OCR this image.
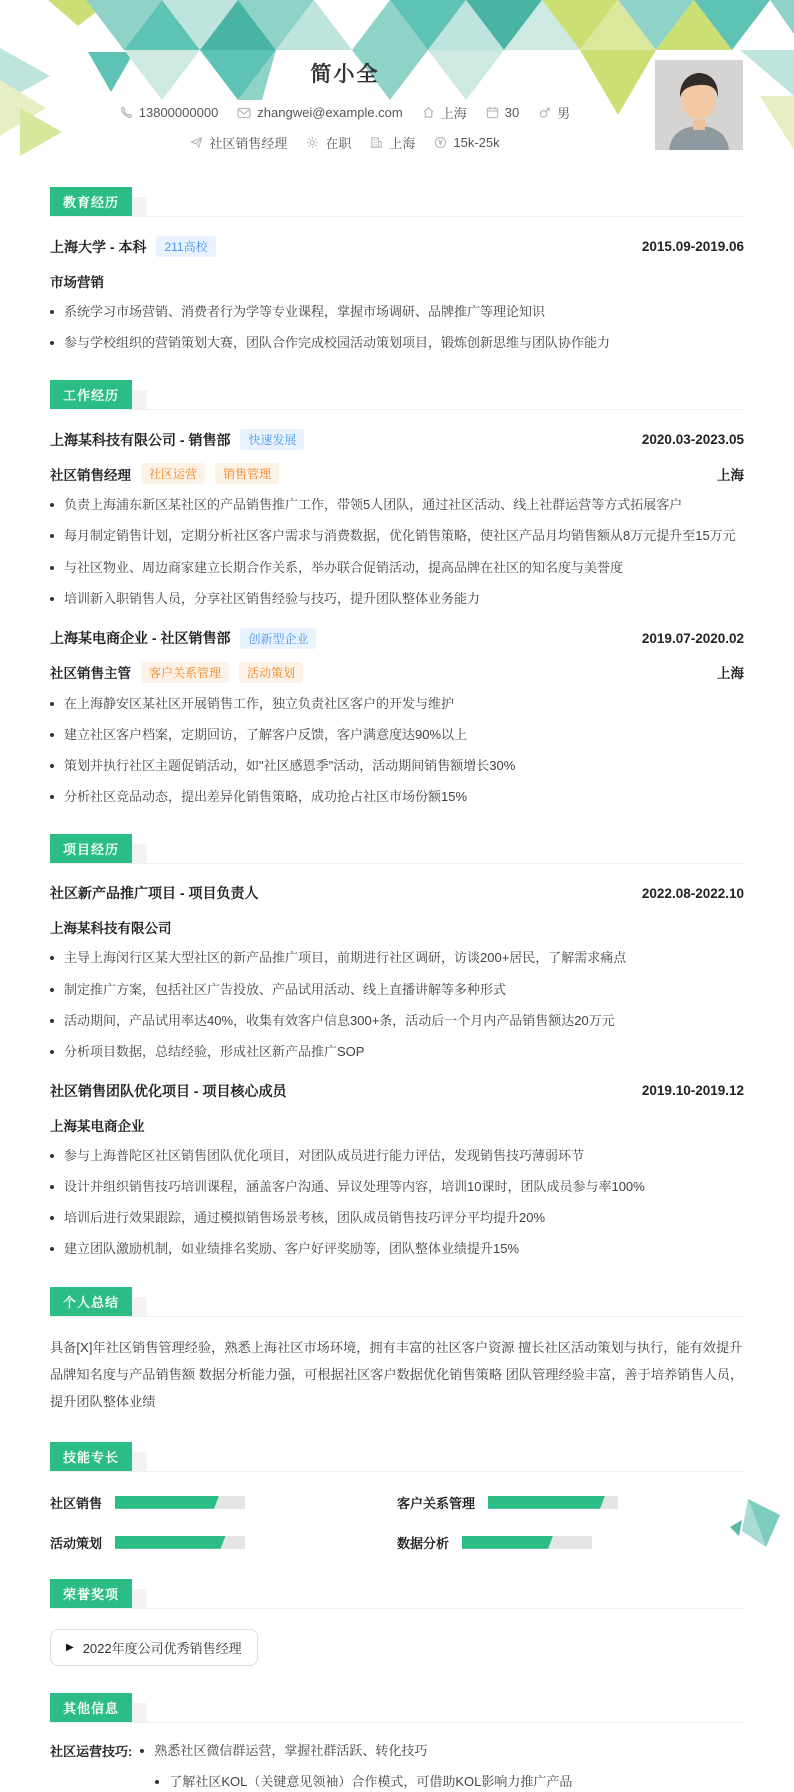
简小全
13800000000	zhangwei@example.com	上海	30	男
社区销售经理	在职	上海	15k-25k
教育经历
上海大学 - 本科	211高校	2015.09-2019.06
市场营销
系统学习市场营销、消费者行为学等专业课程，掌握市场调研、品牌推广等理论知识
参与学校组织的营销策划大赛，团队合作完成校园活动策划项目，锻炼创新思维与团队协作能力
工作经历
上海某科技有限公司 - 销售部	快速发展	2020.03-2023.05
社区销售经理	社区运营	销售管理	上海
负责上海浦东新区某社区的产品销售推广工作，带领5人团队，通过社区活动、线上社群运营等方式拓展客户
每月制定销售计划，定期分析社区客户需求与消费数据，优化销售策略，使社区产品月均销售额从8万元提升至15万元
与社区物业、周边商家建立长期合作关系，举办联合促销活动，提高品牌在社区的知名度与美誉度
培训新入职销售人员，分享社区销售经验与技巧，提升团队整体业务能力
上海某电商企业 - 社区销售部	创新型企业	2019.07-2020.02
社区销售主管	客户关系管理	活动策划	上海
在上海静安区某社区开展销售工作，独立负责社区客户的开发与维护
建立社区客户档案，定期回访，了解客户反馈，客户满意度达90%以上
策划并执行社区主题促销活动，如"社区感恩季"活动，活动期间销售额增长30%
分析社区竞品动态，提出差异化销售策略，成功抢占社区市场份额15%
项目经历
社区新产品推广项目 - 项目负责人	2022.08-2022.10
上海某科技有限公司
主导上海闵行区某大型社区的新产品推广项目，前期进行社区调研，访谈200+居民，了解需求痛点
制定推广方案，包括社区广告投放、产品试用活动、线上直播讲解等多种形式
活动期间，产品试用率达40%，收集有效客户信息300+条，活动后一个月内产品销售额达20万元
分析项目数据，总结经验，形成社区新产品推广SOP
社区销售团队优化项目 - 项目核心成员	2019.10-2019.12
上海某电商企业
参与上海普陀区社区销售团队优化项目，对团队成员进行能力评估，发现销售技巧薄弱环节
设计并组织销售技巧培训课程，涵盖客户沟通、异议处理等内容，培训10课时，团队成员参与率100%
培训后进行效果跟踪，通过模拟销售场景考核，团队成员销售技巧评分平均提升20%
建立团队激励机制，如业绩排名奖励、客户好评奖励等，团队整体业绩提升15%
个人总结

具备[X]年社区销售管理经验，熟悉上海社区市场环境，拥有丰富的社区客户资源 擅长社区活动策划与执行，能有效提升品牌知名度与产品销售额 数据分析能力强，可根据社区客户数据优化销售策略 团队管理经验丰富，善于培养销售人员，提升团队整体业绩

技能专长
社区销售	客户关系管理
活动策划	数据分析
荣誉奖项
▶ 2022年度公司优秀销售经理
其他信息
社区运营技巧: 熟悉社区微信群运营，掌握社群活跃、转化技巧
了解社区KOL（关键意见领袖）合作模式，可借助KOL影响力推广产品
